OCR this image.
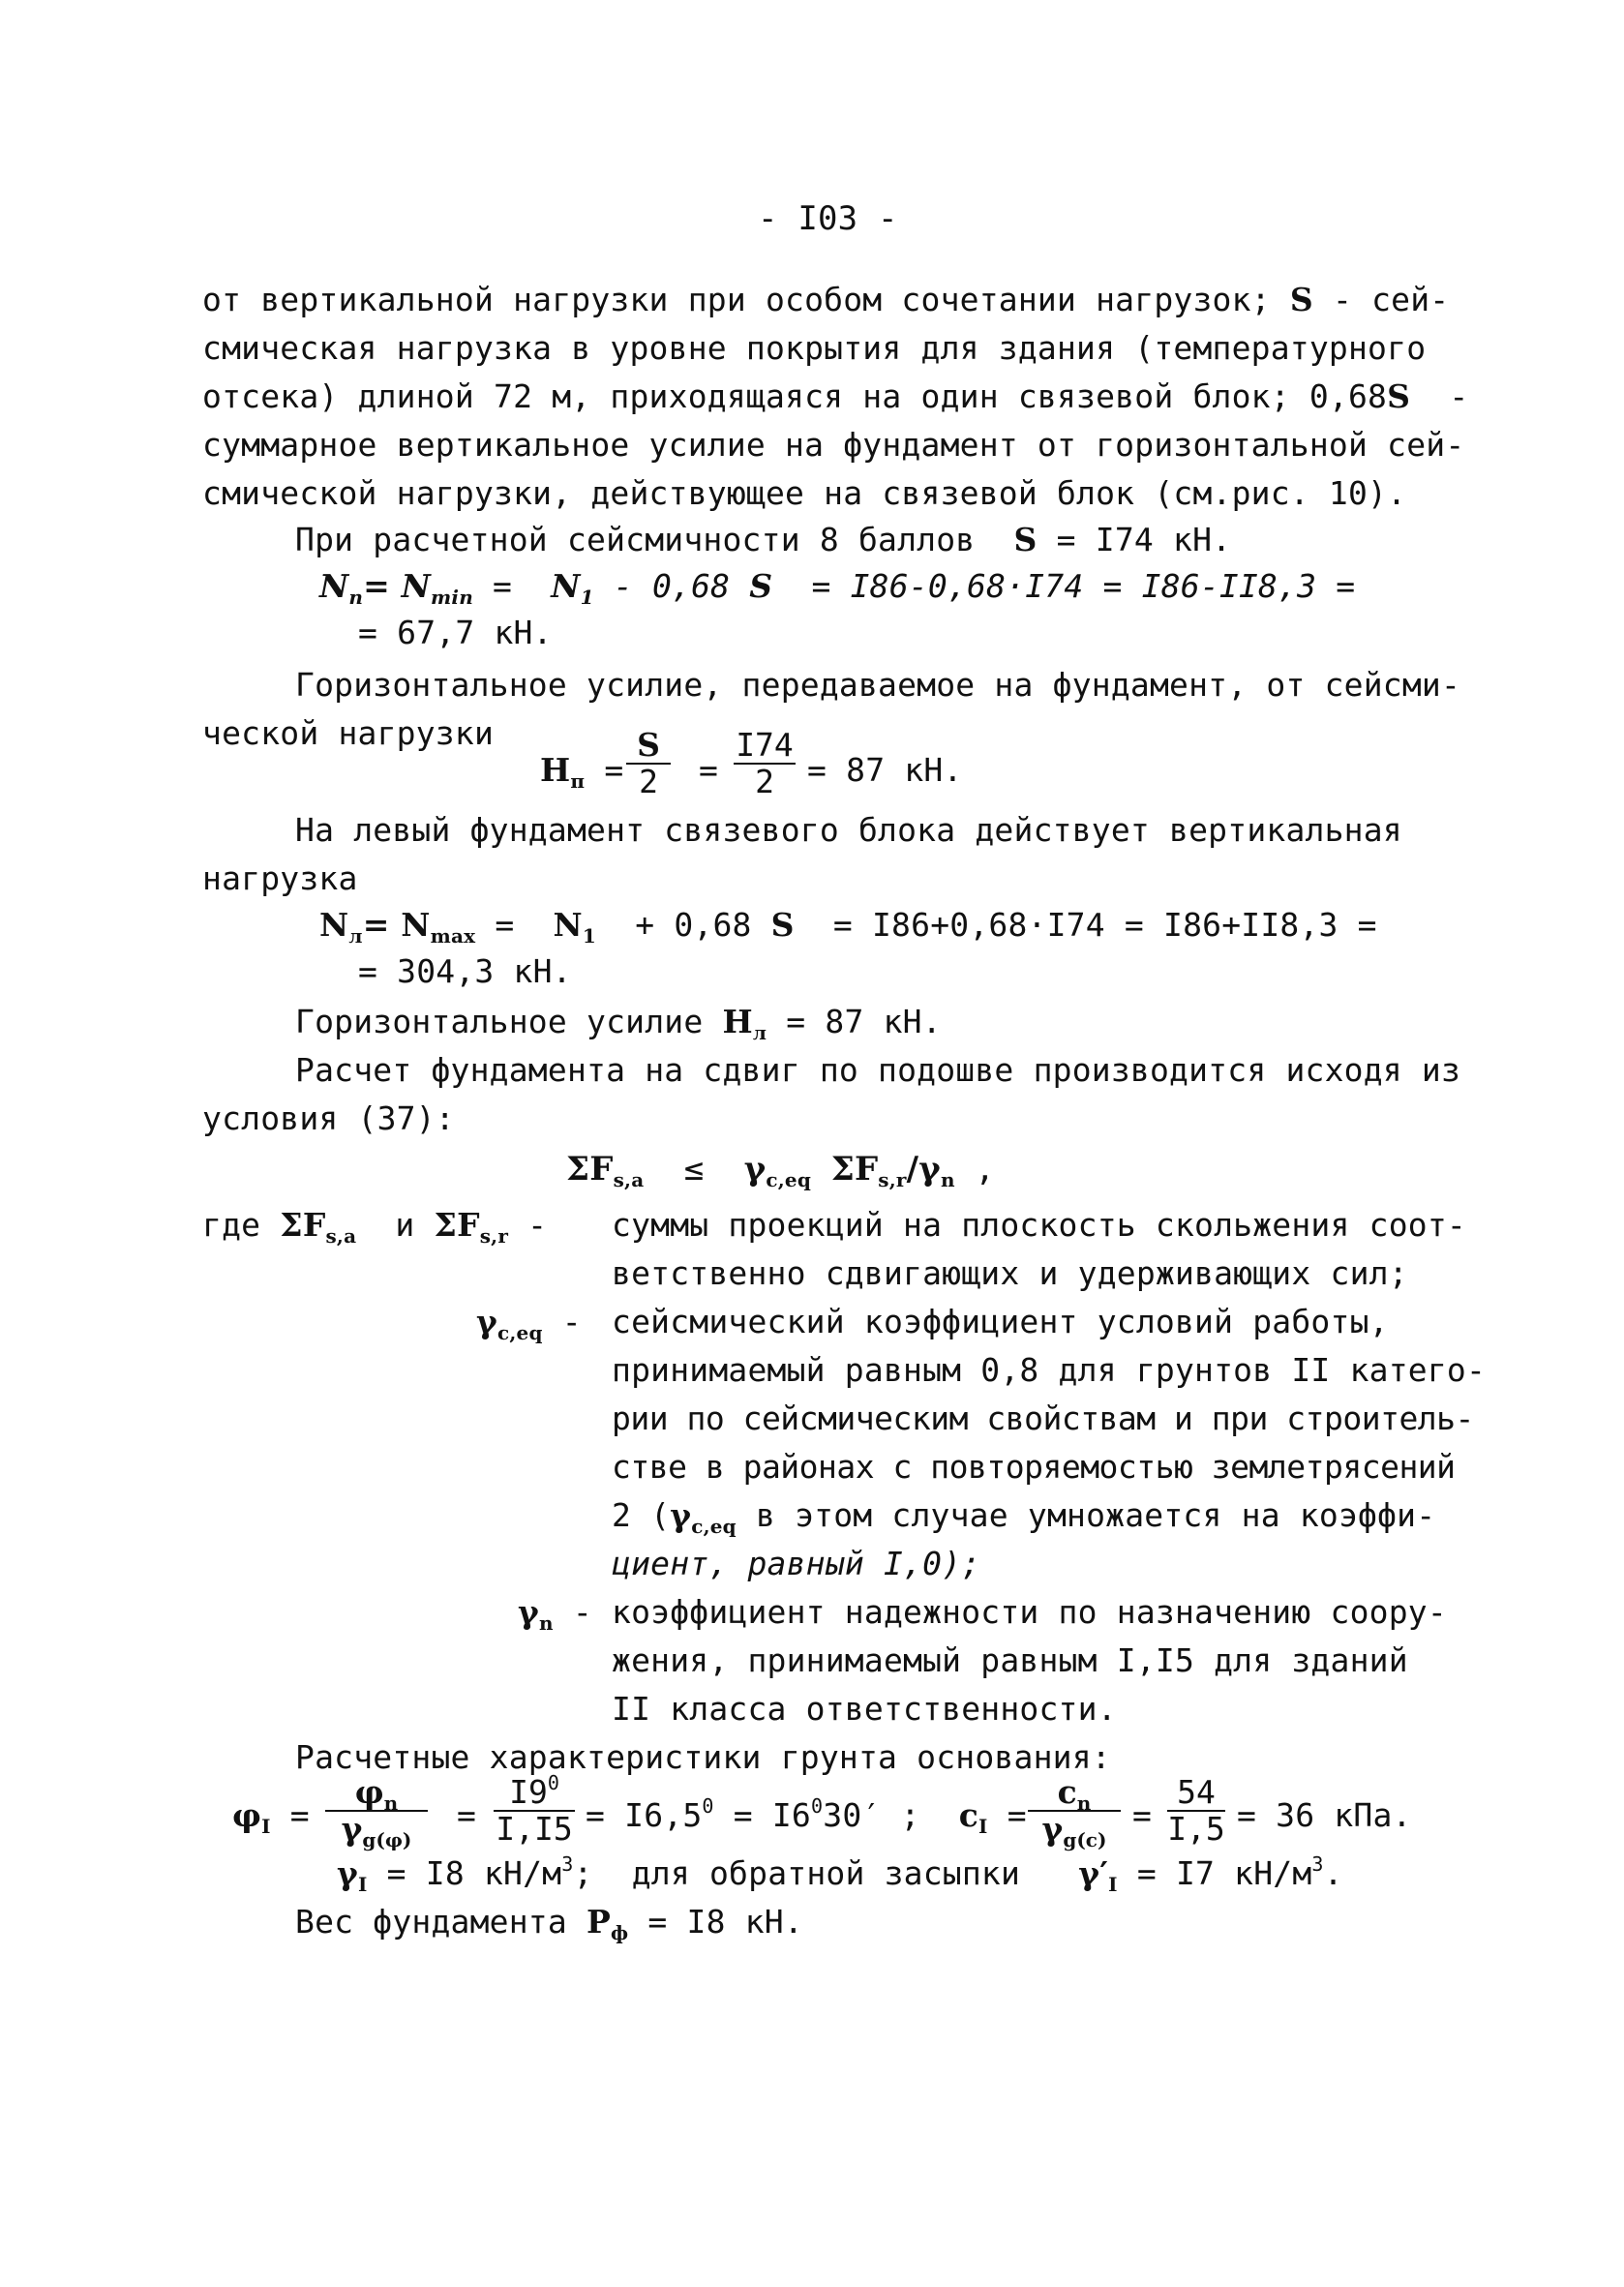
- I03 -
от вертикальной нагрузки при особом сочетании нагрузок; S - сей-
смическая нагрузка в уровне покрытия для здания (температурного
отсека) длиной 72 м, приходящаяся на один связевой блок; 0,68S -
суммарное вертикальное усилие на фундамент от горизонтальной сей-
смической нагрузки, действующее на связевой блок (см.рис. 10).
При расчетной сейсмичности 8 баллов S = I74 кН.
$N_п= N_{min} = N_1 - 0,68$ S = I86-0,68·I74 = I86-II8,3 =
= 67,7 кН.
Горизонтальное усилие, передаваемое на фундамент, от сейсми-
ческой нагрузки
$H_п$ =
S
2	=
I74
2	= 87 кН.
На левый фундамент связевого блока действует вертикальная
нагрузка
$N_л= N_{max} = N_1 + 0,68$ S = I86+0,68·I74 = I86+II8,3 =
= 304,3 кН.
Горизонтальное усилие $H_л = 87$ кН.
Расчет фундамента на сдвиг по подошве производится исходя из
условия (37):
$\Sigma F_{s,a} \le \gamma_{c,eq}$ $\Sigma F_{s,r}/\gamma_n$ ,
где $\Sigma F_{s,a}$ и $\Sigma F_{s,r}$ - суммы проекций на плоскость скольжения соот-
ветственно сдвигающих и удерживающих сил;
$\gamma_{c,eq}$ - сейсмический коэффициент условий работы,
принимаемый равным 0,8 для грунтов II катего-
рии по сейсмическим свойствам и при строитель-
стве в районах с повторяемостью землетрясений
2 ($\gamma_{c,eq}$ в этом случае умножается на коэффи-
циент, равный I,0);
$\gamma_n$ - коэффициент надежности по назначению соору-
жения, принимаемый равным I,I5 для зданий
II класса ответственности.
Расчетные характеристики грунта основания:
$\varphi_I$ =
$\varphi_n$
$\gamma_{g(\varphi)}$
=
$I9^0$
$I,I5 = I6,5^0 = I6^030'$ ; $c_I$ =
$c_n$
$\gamma_{g(c)}$
=
54
I,5 = 36 кПа.
$\gamma_I = I8$ $кН/м^3$; для обратной засыпки $\gamma'_I = I7$ $кН/м^3$.
Вес фундамента $P_ф = I8$ кН.
